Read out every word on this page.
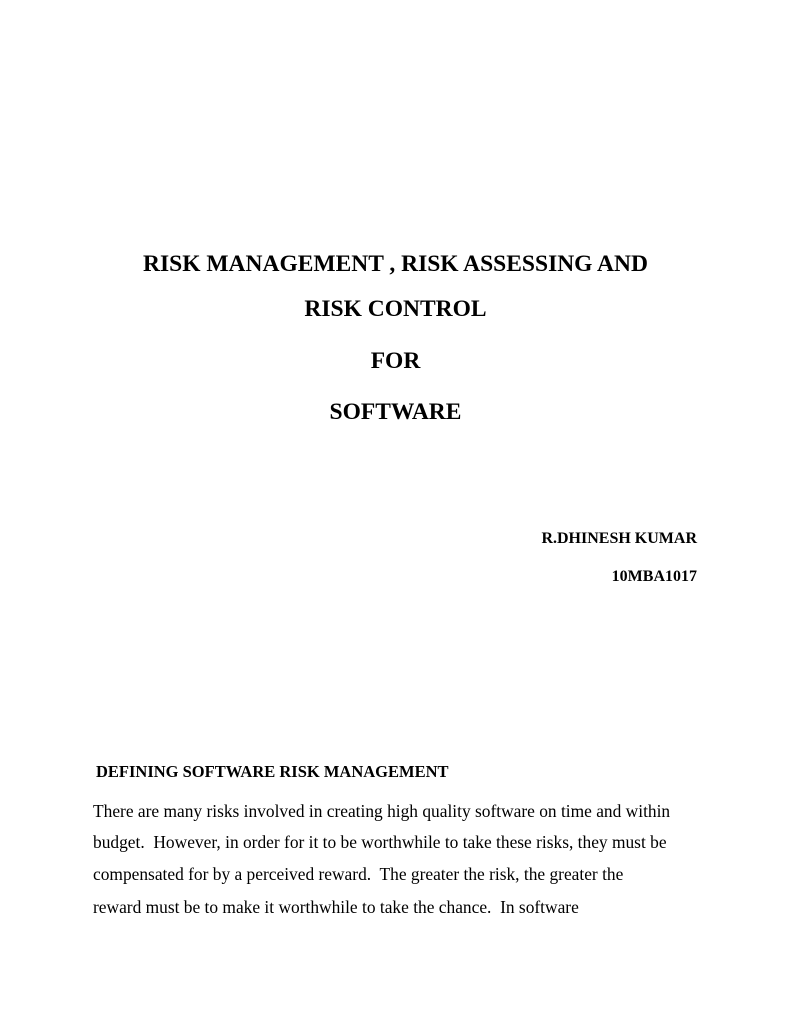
RISK MANAGEMENT , RISK ASSESSING AND
RISK CONTROL
FOR
SOFTWARE
R.DHINESH KUMAR
10MBA1017
DEFINING SOFTWARE RISK MANAGEMENT
There are many risks involved in creating high quality software on time and within
budget.  However, in order for it to be worthwhile to take these risks, they must be
compensated for by a perceived reward.  The greater the risk, the greater the
reward must be to make it worthwhile to take the chance.  In software
